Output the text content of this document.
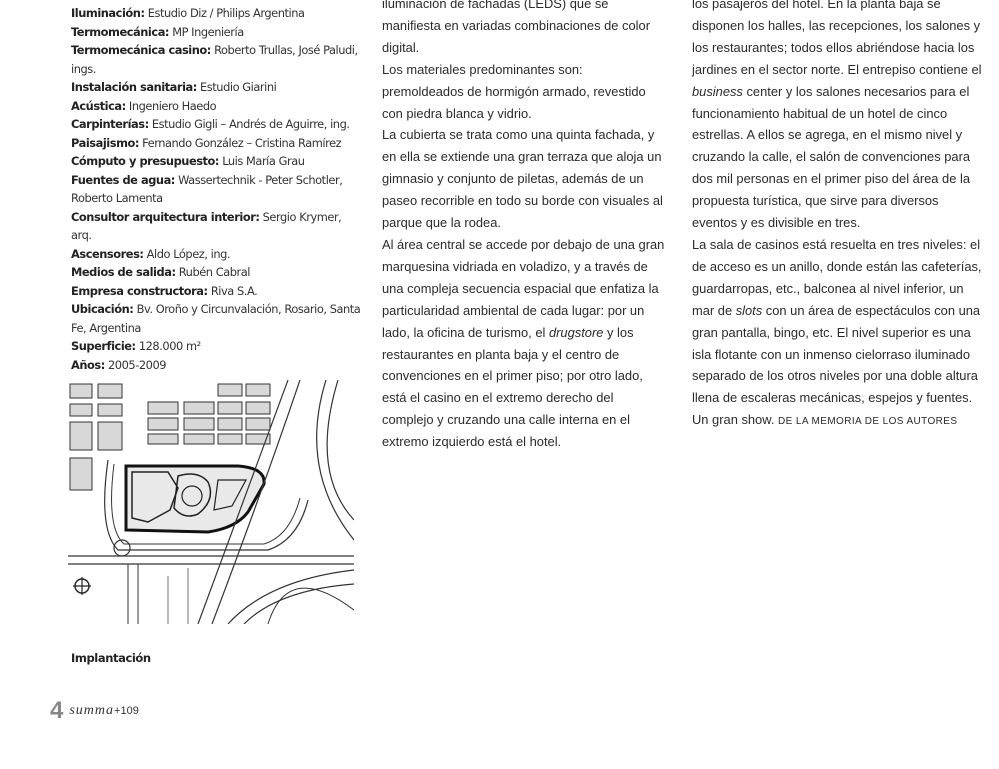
Iluminación: Estudio Diz / Philips Argentina

Termomecánica: MP Ingeniería

Termomecánica casino: Roberto Trullas, José Paludi, ings.

Instalación sanitaria: Estudio Giarini

Acústica: Ingeniero Haedo

Carpinterías: Estudio Gigli – Andrés de Aguirre, ing.

Paisajismo: Fernando González – Cristina Ramírez

Cómputo y presupuesto: Luis María Grau

Fuentes de agua: Wassertechnik - Peter Schotler, Roberto Lamenta

Consultor arquitectura interior: Sergio Krymer, arq.

Ascensores: Aldo López, ing.

Medios de salida: Rubén Cabral

Empresa constructora: Riva S.A.

Ubicación: Bv. Oroño y Circunvalación, Rosario, Santa Fe, Argentina

Superficie: 128.000 m²

Años: 2005-2009

Implantación

iluminación de fachadas (LEDS) que se manifiesta en variadas combinaciones de color digital.

Los materiales predominantes son: premoldeados de hormigón armado, revestido con piedra blanca y vidrio.

La cubierta se trata como una quinta fachada, y en ella se extiende una gran terraza que aloja un gimnasio y conjunto de piletas, además de un paseo recorrible en todo su borde con visuales al parque que la rodea.

Al área central se accede por debajo de una gran marquesina vidriada en voladizo, y a través de una compleja secuencia espacial que enfatiza la particularidad ambiental de cada lugar: por un lado, la oficina de turismo, el drugstore y los restaurantes en planta baja y el centro de convenciones en el primer piso; por otro lado, está el casino en el extremo derecho del complejo y cruzando una calle interna en el extremo izquierdo está el hotel.

los pasajeros del hotel. En la planta baja se disponen los halles, las recepciones, los salones y los restaurantes; todos ellos abriéndose hacia los jardines en el sector norte. El entrepiso contiene el business center y los salones necesarios para el funcionamiento habitual de un hotel de cinco estrellas. A ellos se agrega, en el mismo nivel y cruzando la calle, el salón de convenciones para dos mil personas en el primer piso del área de la propuesta turística, que sirve para diversos eventos y es divisible en tres.

La sala de casinos está resuelta en tres niveles: el de acceso es un anillo, donde están las cafeterías, guardarropas, etc., balconea al nivel inferior, un mar de slots con un área de espectáculos con una gran pantalla, bingo, etc. El nivel superior es una isla flotante con un inmenso cielorraso iluminado separado de los otros niveles por una doble altura llena de escaleras mecánicas, espejos y fuentes.

Un gran show. DE LA MEMORIA DE LOS AUTORES

4 summa+109
